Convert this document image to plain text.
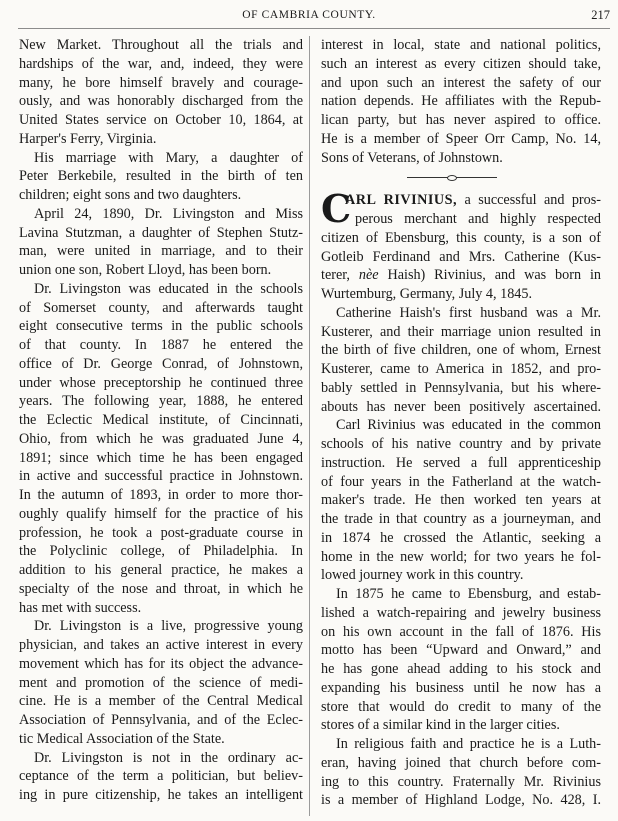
OF CAMBRIA COUNTY.	217
New Market. Throughout all the trials and
hardships of the war, and, indeed, they were
many, he bore himself bravely and courage-
ously, and was honorably discharged from the
United States service on October 10, 1864, at
Harper's Ferry, Virginia.
His marriage with Mary, a daughter of
Peter Berkebile, resulted in the birth of ten
children; eight sons and two daughters.
April 24, 1890, Dr. Livingston and Miss
Lavina Stutzman, a daughter of Stephen Stutz-
man, were united in marriage, and to their
union one son, Robert Lloyd, has been born.
Dr. Livingston was educated in the schools
of Somerset county, and afterwards taught
eight consecutive terms in the public schools
of that county. In 1887 he entered the
office of Dr. George Conrad, of Johnstown,
under whose preceptorship he continued three
years. The following year, 1888, he entered
the Eclectic Medical institute, of Cincinnati,
Ohio, from which he was graduated June 4,
1891; since which time he has been engaged
in active and successful practice in Johnstown.
In the autumn of 1893, in order to more thor-
oughly qualify himself for the practice of his
profession, he took a post-graduate course in
the Polyclinic college, of Philadelphia. In
addition to his general practice, he makes a
specialty of the nose and throat, in which he
has met with success.
Dr. Livingston is a live, progressive young
physician, and takes an active interest in every
movement which has for its object the advance-
ment and promotion of the science of medi-
cine. He is a member of the Central Medical
Association of Pennsylvania, and of the Eclec-
tic Medical Association of the State.
Dr. Livingston is not in the ordinary ac-
ceptance of the term a politician, but believ-
ing in pure citizenship, he takes an intelligent
interest in local, state and national politics,
such an interest as every citizen should take,
and upon such an interest the safety of our
nation depends. He affiliates with the Repub-
lican party, but has never aspired to office.
He is a member of Speer Orr Camp, No. 14,
Sons of Veterans, of Johnstown.
C
ARL RIVINIUS, a successful and pros-
perous merchant and highly respected
citizen of Ebensburg, this county, is a son of
Gotleib Ferdinand and Mrs. Catherine (Kus-
terer, nèe Haish) Rivinius, and was born in
Wurtemburg, Germany, July 4, 1845.
Catherine Haish's first husband was a Mr.
Kusterer, and their marriage union resulted in
the birth of five children, one of whom, Ernest
Kusterer, came to America in 1852, and pro-
bably settled in Pennsylvania, but his where-
abouts has never been positively ascertained.
Carl Rivinius was educated in the common
schools of his native country and by private
instruction. He served a full apprenticeship
of four years in the Fatherland at the watch-
maker's trade. He then worked ten years at
the trade in that country as a journeyman, and
in 1874 he crossed the Atlantic, seeking a
home in the new world; for two years he fol-
lowed journey work in this country.
In 1875 he came to Ebensburg, and estab-
lished a watch-repairing and jewelry business
on his own account in the fall of 1876. His
motto has been “Upward and Onward,” and
he has gone ahead adding to his stock and
expanding his business until he now has a
store that would do credit to many of the
stores of a similar kind in the larger cities.
In religious faith and practice he is a Luth-
eran, having joined that church before com-
ing to this country. Fraternally Mr. Rivinius
is a member of Highland Lodge, No. 428, I.
